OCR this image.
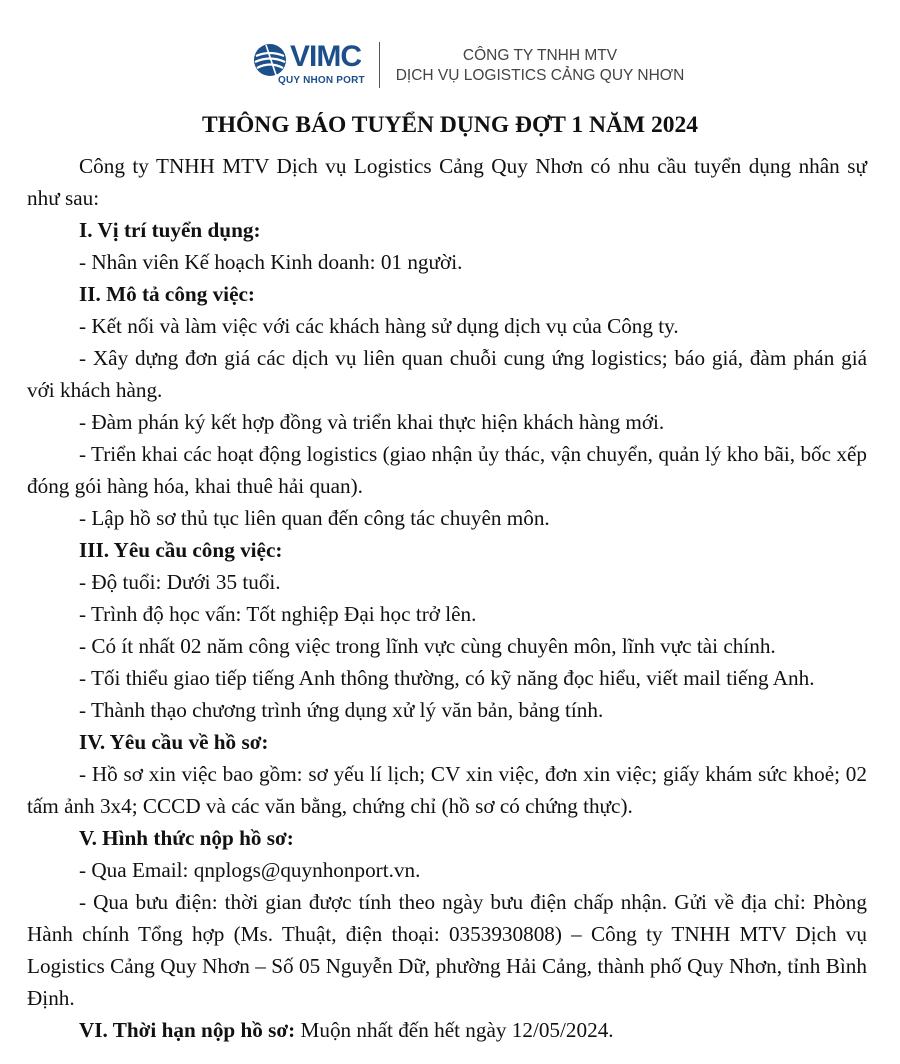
VIMC
QUY NHON PORT
CÔNG TY TNHH MTV
DỊCH VỤ LOGISTICS CẢNG QUY NHƠN
THÔNG BÁO TUYỂN DỤNG ĐỢT 1 NĂM 2024

Công ty TNHH MTV Dịch vụ Logistics Cảng Quy Nhơn có nhu cầu tuyển dụng nhân sự như sau:

I. Vị trí tuyển dụng:

- Nhân viên Kế hoạch Kinh doanh: 01 người.

II. Mô tả công việc:

- Kết nối và làm việc với các khách hàng sử dụng dịch vụ của Công ty.

- Xây dựng đơn giá các dịch vụ liên quan chuỗi cung ứng logistics; báo giá, đàm phán giá với khách hàng.

- Đàm phán ký kết hợp đồng và triển khai thực hiện khách hàng mới.

- Triển khai các hoạt động logistics (giao nhận ủy thác, vận chuyển, quản lý kho bãi, bốc xếp đóng gói hàng hóa, khai thuê hải quan).

- Lập hồ sơ thủ tục liên quan đến công tác chuyên môn.

III. Yêu cầu công việc:

- Độ tuổi: Dưới 35 tuổi.

- Trình độ học vấn: Tốt nghiệp Đại học trở lên.

- Có ít nhất 02 năm công việc trong lĩnh vực cùng chuyên môn, lĩnh vực tài chính.

- Tối thiểu giao tiếp tiếng Anh thông thường, có kỹ năng đọc hiểu, viết mail tiếng Anh.

- Thành thạo chương trình ứng dụng xử lý văn bản, bảng tính.

IV. Yêu cầu về hồ sơ:

- Hồ sơ xin việc bao gồm: sơ yếu lí lịch; CV xin việc, đơn xin việc; giấy khám sức khoẻ; 02 tấm ảnh 3x4; CCCD và các văn bằng, chứng chỉ (hồ sơ có chứng thực).

V. Hình thức nộp hồ sơ:

- Qua Email: qnplogs@quynhonport.vn.

- Qua bưu điện: thời gian được tính theo ngày bưu điện chấp nhận. Gửi về địa chỉ: Phòng Hành chính Tổng hợp (Ms. Thuật, điện thoại: 0353930808) – Công ty TNHH MTV Dịch vụ Logistics Cảng Quy Nhơn – Số 05 Nguyễn Dữ, phường Hải Cảng, thành phố Quy Nhơn, tỉnh Bình Định.

VI. Thời hạn nộp hồ sơ: Muộn nhất đến hết ngày 12/05/2024.
